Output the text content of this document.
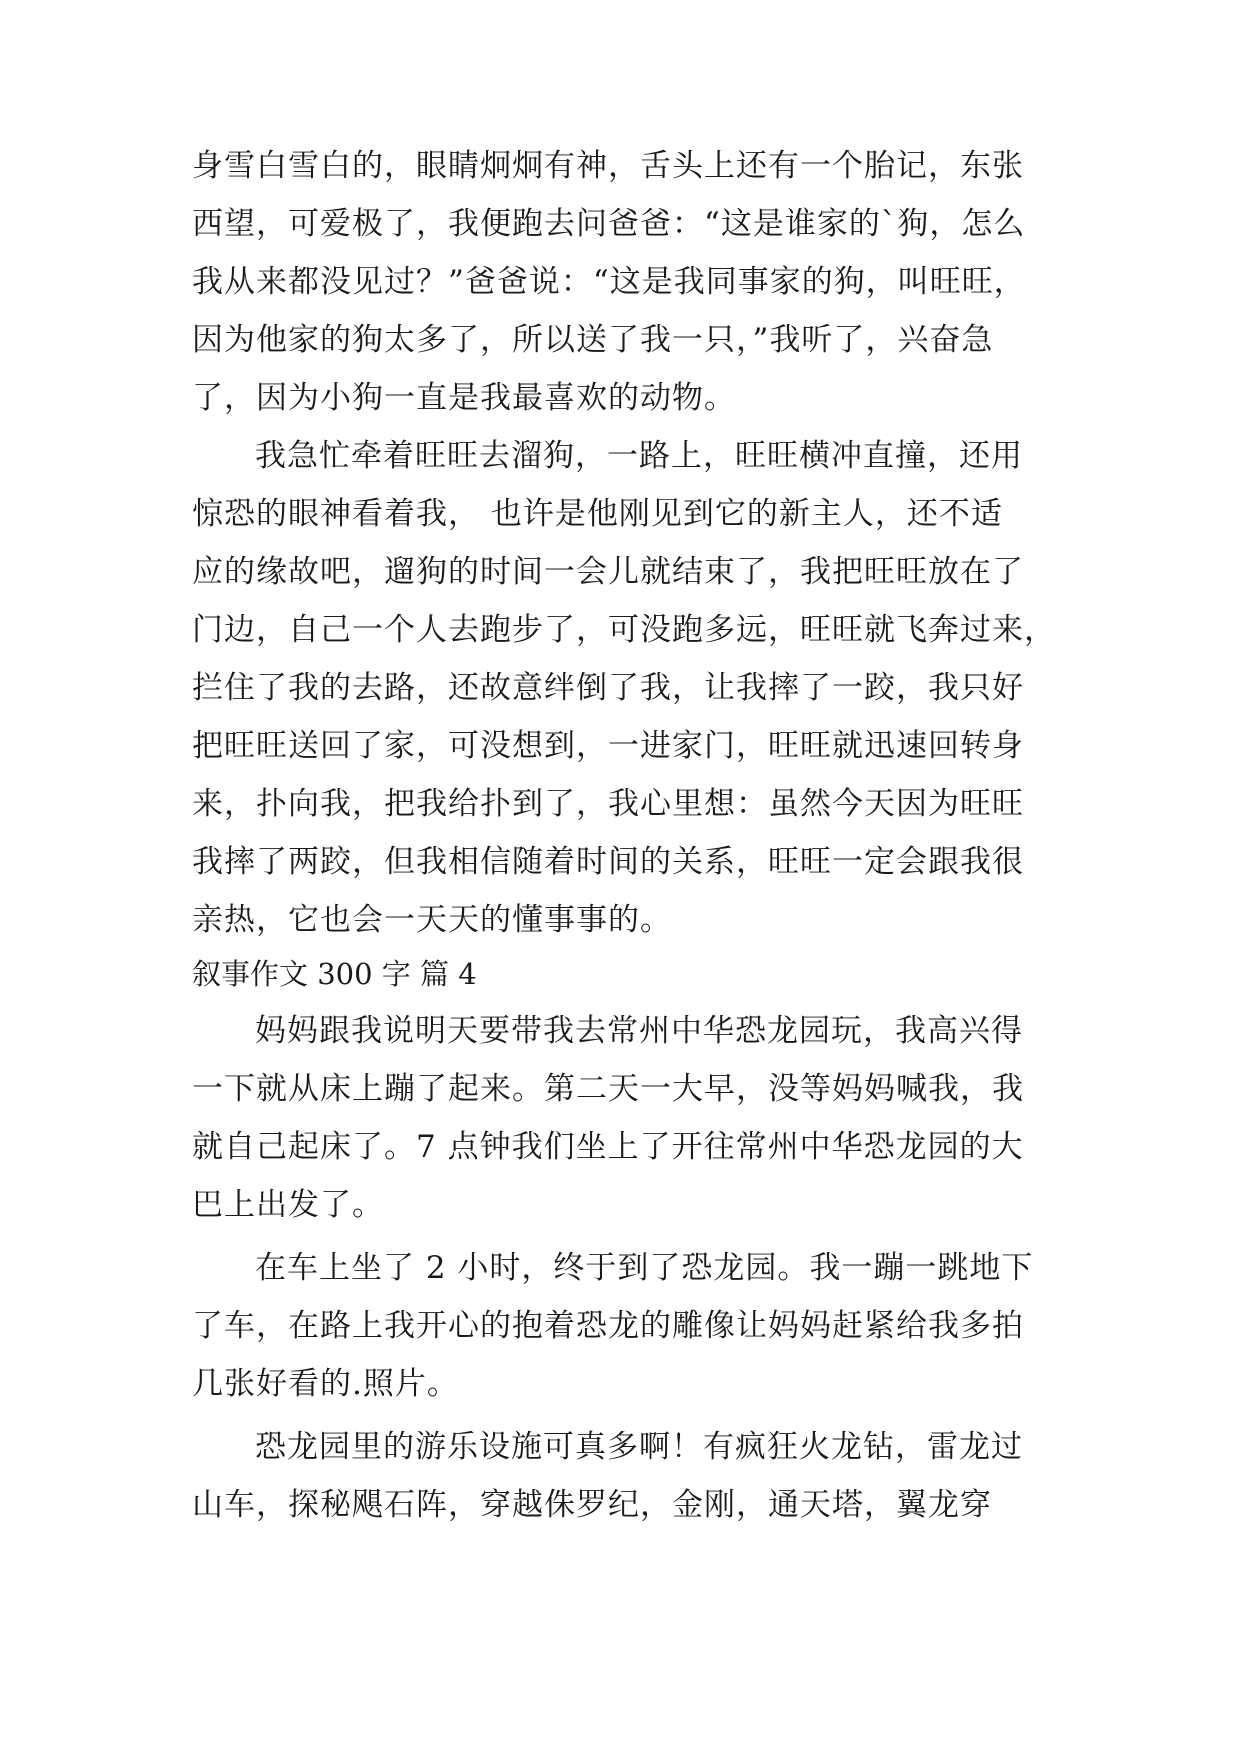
身雪白雪白的，眼睛炯炯有神，舌头上还有一个胎记，东张
西望，可爱极了，我便跑去问爸爸：“这是谁家的`狗，怎么
我从来都没见过？”爸爸说：“这是我同事家的狗，叫旺旺，
因为他家的狗太多了，所以送了我一只，”我听了，兴奋急
了，因为小狗一直是我最喜欢的动物。
我急忙牵着旺旺去溜狗，一路上，旺旺横冲直撞，还用
惊恐的眼神看着我， 也许是他刚见到它的新主人，还不适
应的缘故吧，遛狗的时间一会儿就结束了，我把旺旺放在了
门边，自己一个人去跑步了，可没跑多远，旺旺就飞奔过来，
拦住了我的去路，还故意绊倒了我，让我摔了一跤，我只好
把旺旺送回了家，可没想到，一进家门，旺旺就迅速回转身
来，扑向我，把我给扑到了，我心里想：虽然今天因为旺旺
我摔了两跤，但我相信随着时间的关系，旺旺一定会跟我很
亲热，它也会一天天的懂事事的。
叙事作文 300 字 篇 4
妈妈跟我说明天要带我去常州中华恐龙园玩，我高兴得
一下就从床上蹦了起来。第二天一大早，没等妈妈喊我，我
就自己起床了。7 点钟我们坐上了开往常州中华恐龙园的大
巴上出发了。
在车上坐了 2 小时，终于到了恐龙园。我一蹦一跳地下
了车，在路上我开心的抱着恐龙的雕像让妈妈赶紧给我多拍
几张好看的.照片。
恐龙园里的游乐设施可真多啊！有疯狂火龙钻，雷龙过
山车，探秘飓石阵，穿越侏罗纪，金刚，通天塔，翼龙穿
